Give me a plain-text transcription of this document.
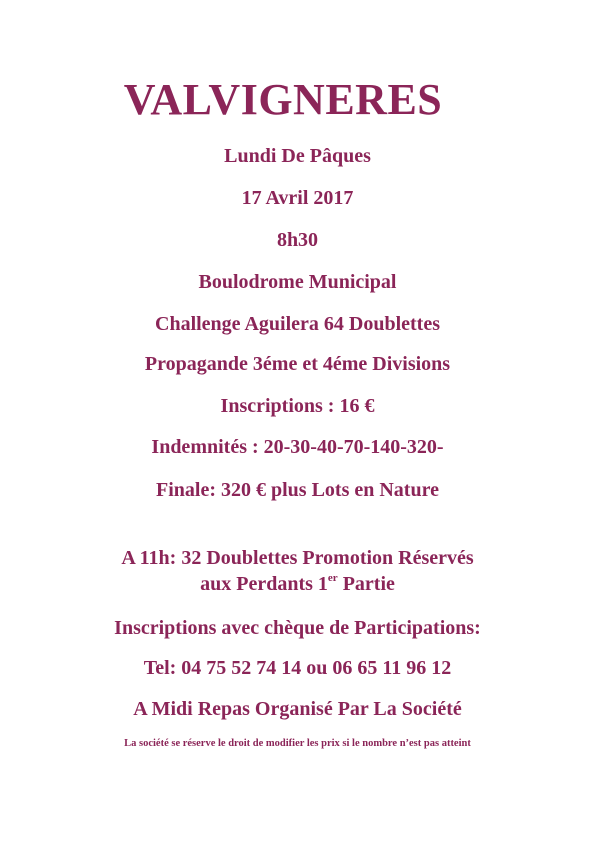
VALVIGNERES
Lundi De Pâques
17 Avril 2017
8h30
Boulodrome Municipal
Challenge Aguilera 64 Doublettes
Propagande 3éme et 4éme Divisions
Inscriptions : 16 €
Indemnités : 20-30-40-70-140-320-
Finale: 320 € plus Lots en Nature
A 11h: 32 Doublettes Promotion Réservés
aux Perdants 1er Partie
Inscriptions avec chèque de Participations:
Tel: 04 75 52 74 14 ou 06 65 11 96 12
A Midi Repas Organisé Par La Société
La société se réserve le droit de modifier les prix si le nombre n’est pas atteint
